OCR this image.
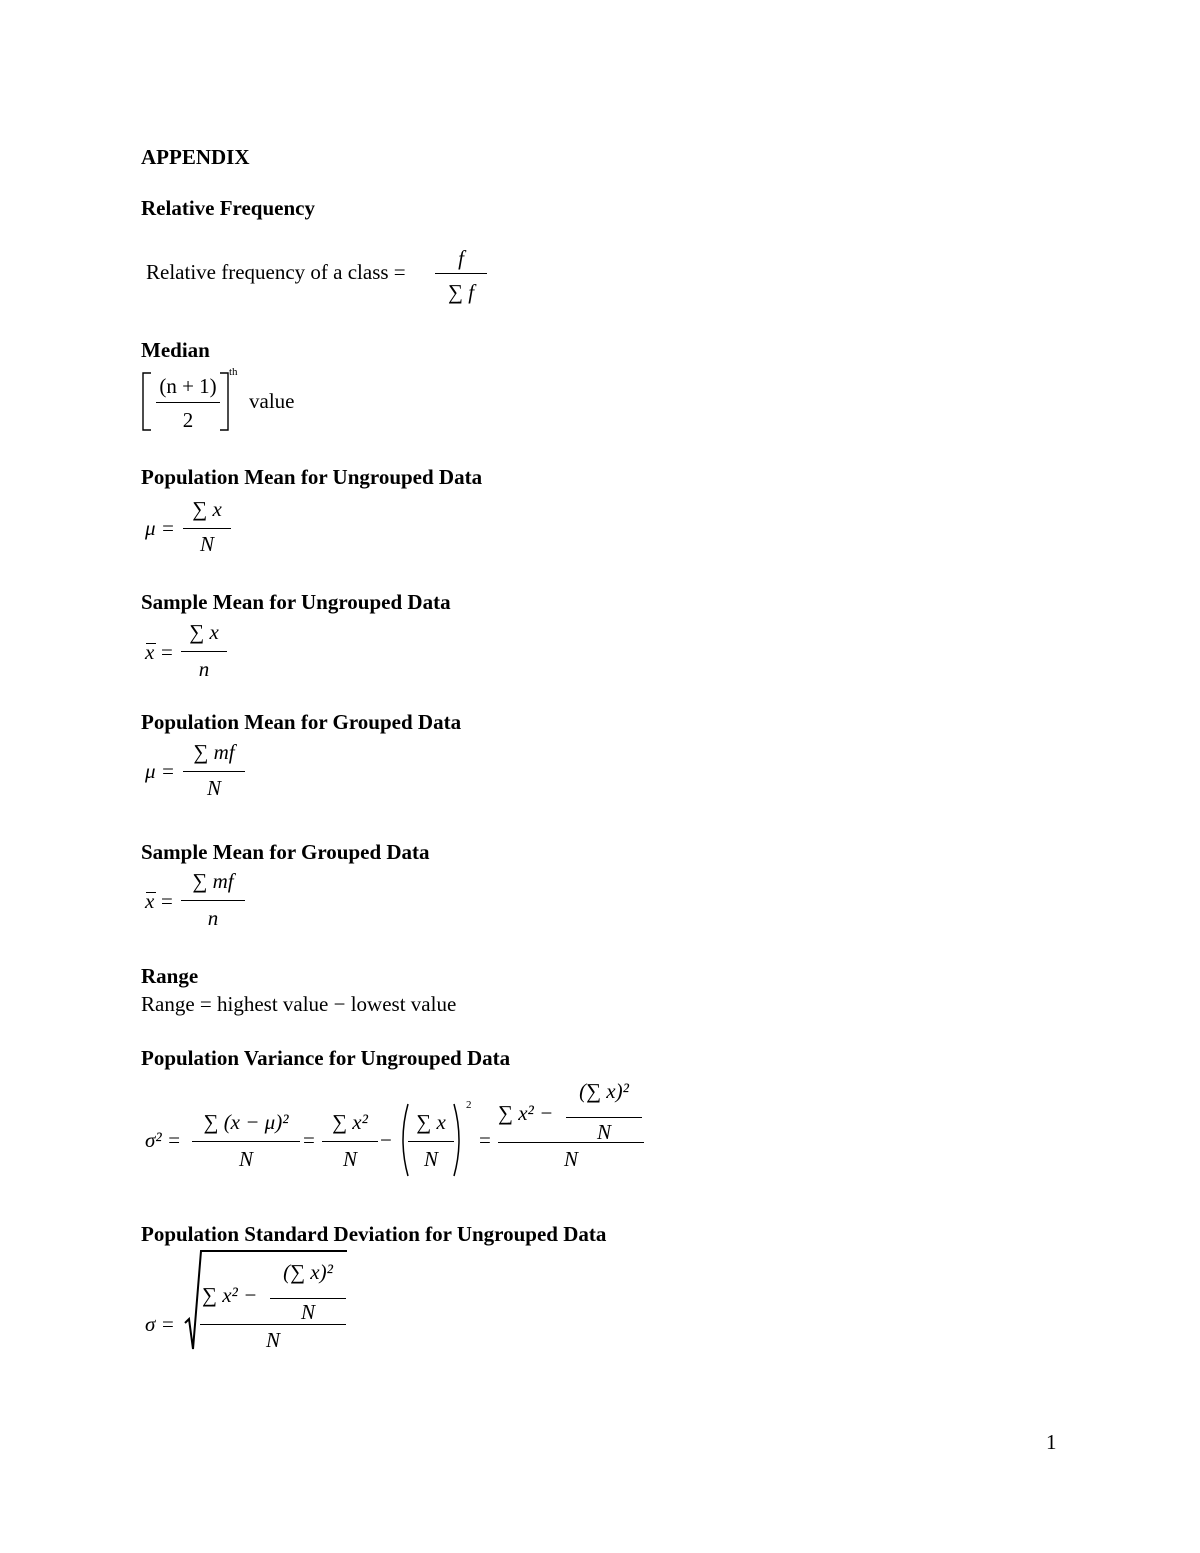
APPENDIX
Relative Frequency
Relative frequency of a class =
f
∑ f
Median
(n + 1)
2
th
value
Population Mean for Ungrouped Data
μ =
∑ x
N
Sample Mean for Ungrouped Data
x =
∑ x
n
Population Mean for Grouped Data
μ =
∑ mf
N
Sample Mean for Grouped Data
x =
∑ mf
n
Range
Range = highest value − lowest value
Population Variance for Ungrouped Data
σ² =
∑ (x − μ)²
N
=
∑ x²
N
−
∑ x
N
2
=
∑ x² −
(∑ x)²
N
N
Population Standard Deviation for Ungrouped Data
σ =
∑ x² −
(∑ x)²
N
N
1
